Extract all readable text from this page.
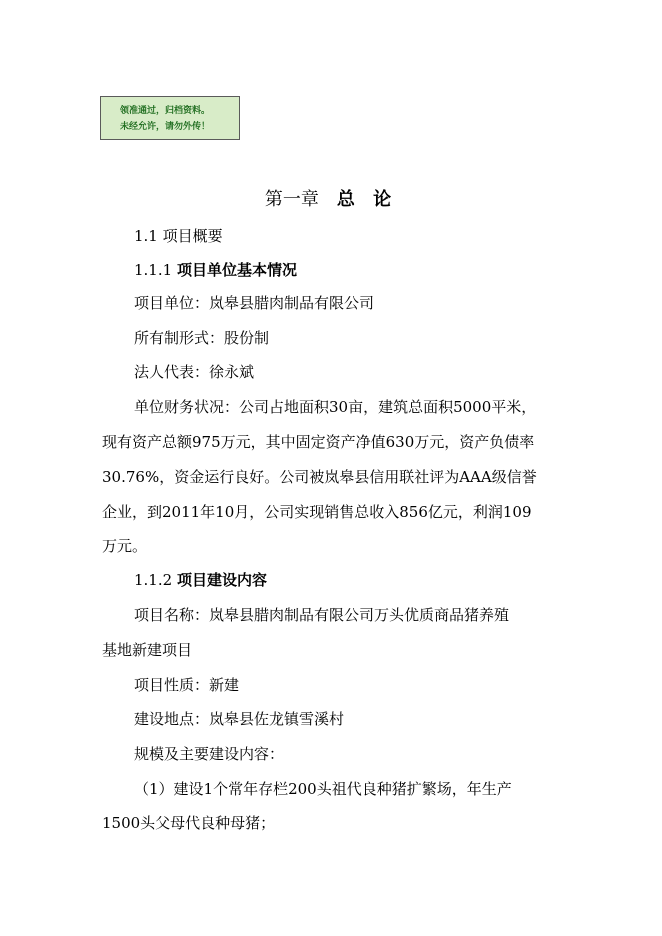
领准通过，归档资料。
未经允许，请勿外传！
第一章 总 论
1.1 项目概要
1.1.1 项目单位基本情况
项目单位：岚皋县腊肉制品有限公司
所有制形式：股份制
法人代表：徐永斌
单位财务状况：公司占地面积30亩，建筑总面积5000平米，
现有资产总额975万元，其中固定资产净值630万元，资产负债率
30.76%，资金运行良好。公司被岚皋县信用联社评为AAA级信誉
企业，到2011年10月，公司实现销售总收入856亿元，利润109
万元。
1.1.2 项目建设内容
项目名称：岚皋县腊肉制品有限公司万头优质商品猪养殖
基地新建项目
项目性质：新建
建设地点：岚皋县佐龙镇雪溪村
规模及主要建设内容：
（1）建设1个常年存栏200头祖代良种猪扩繁场，年生产
1500头父母代良种母猪；
